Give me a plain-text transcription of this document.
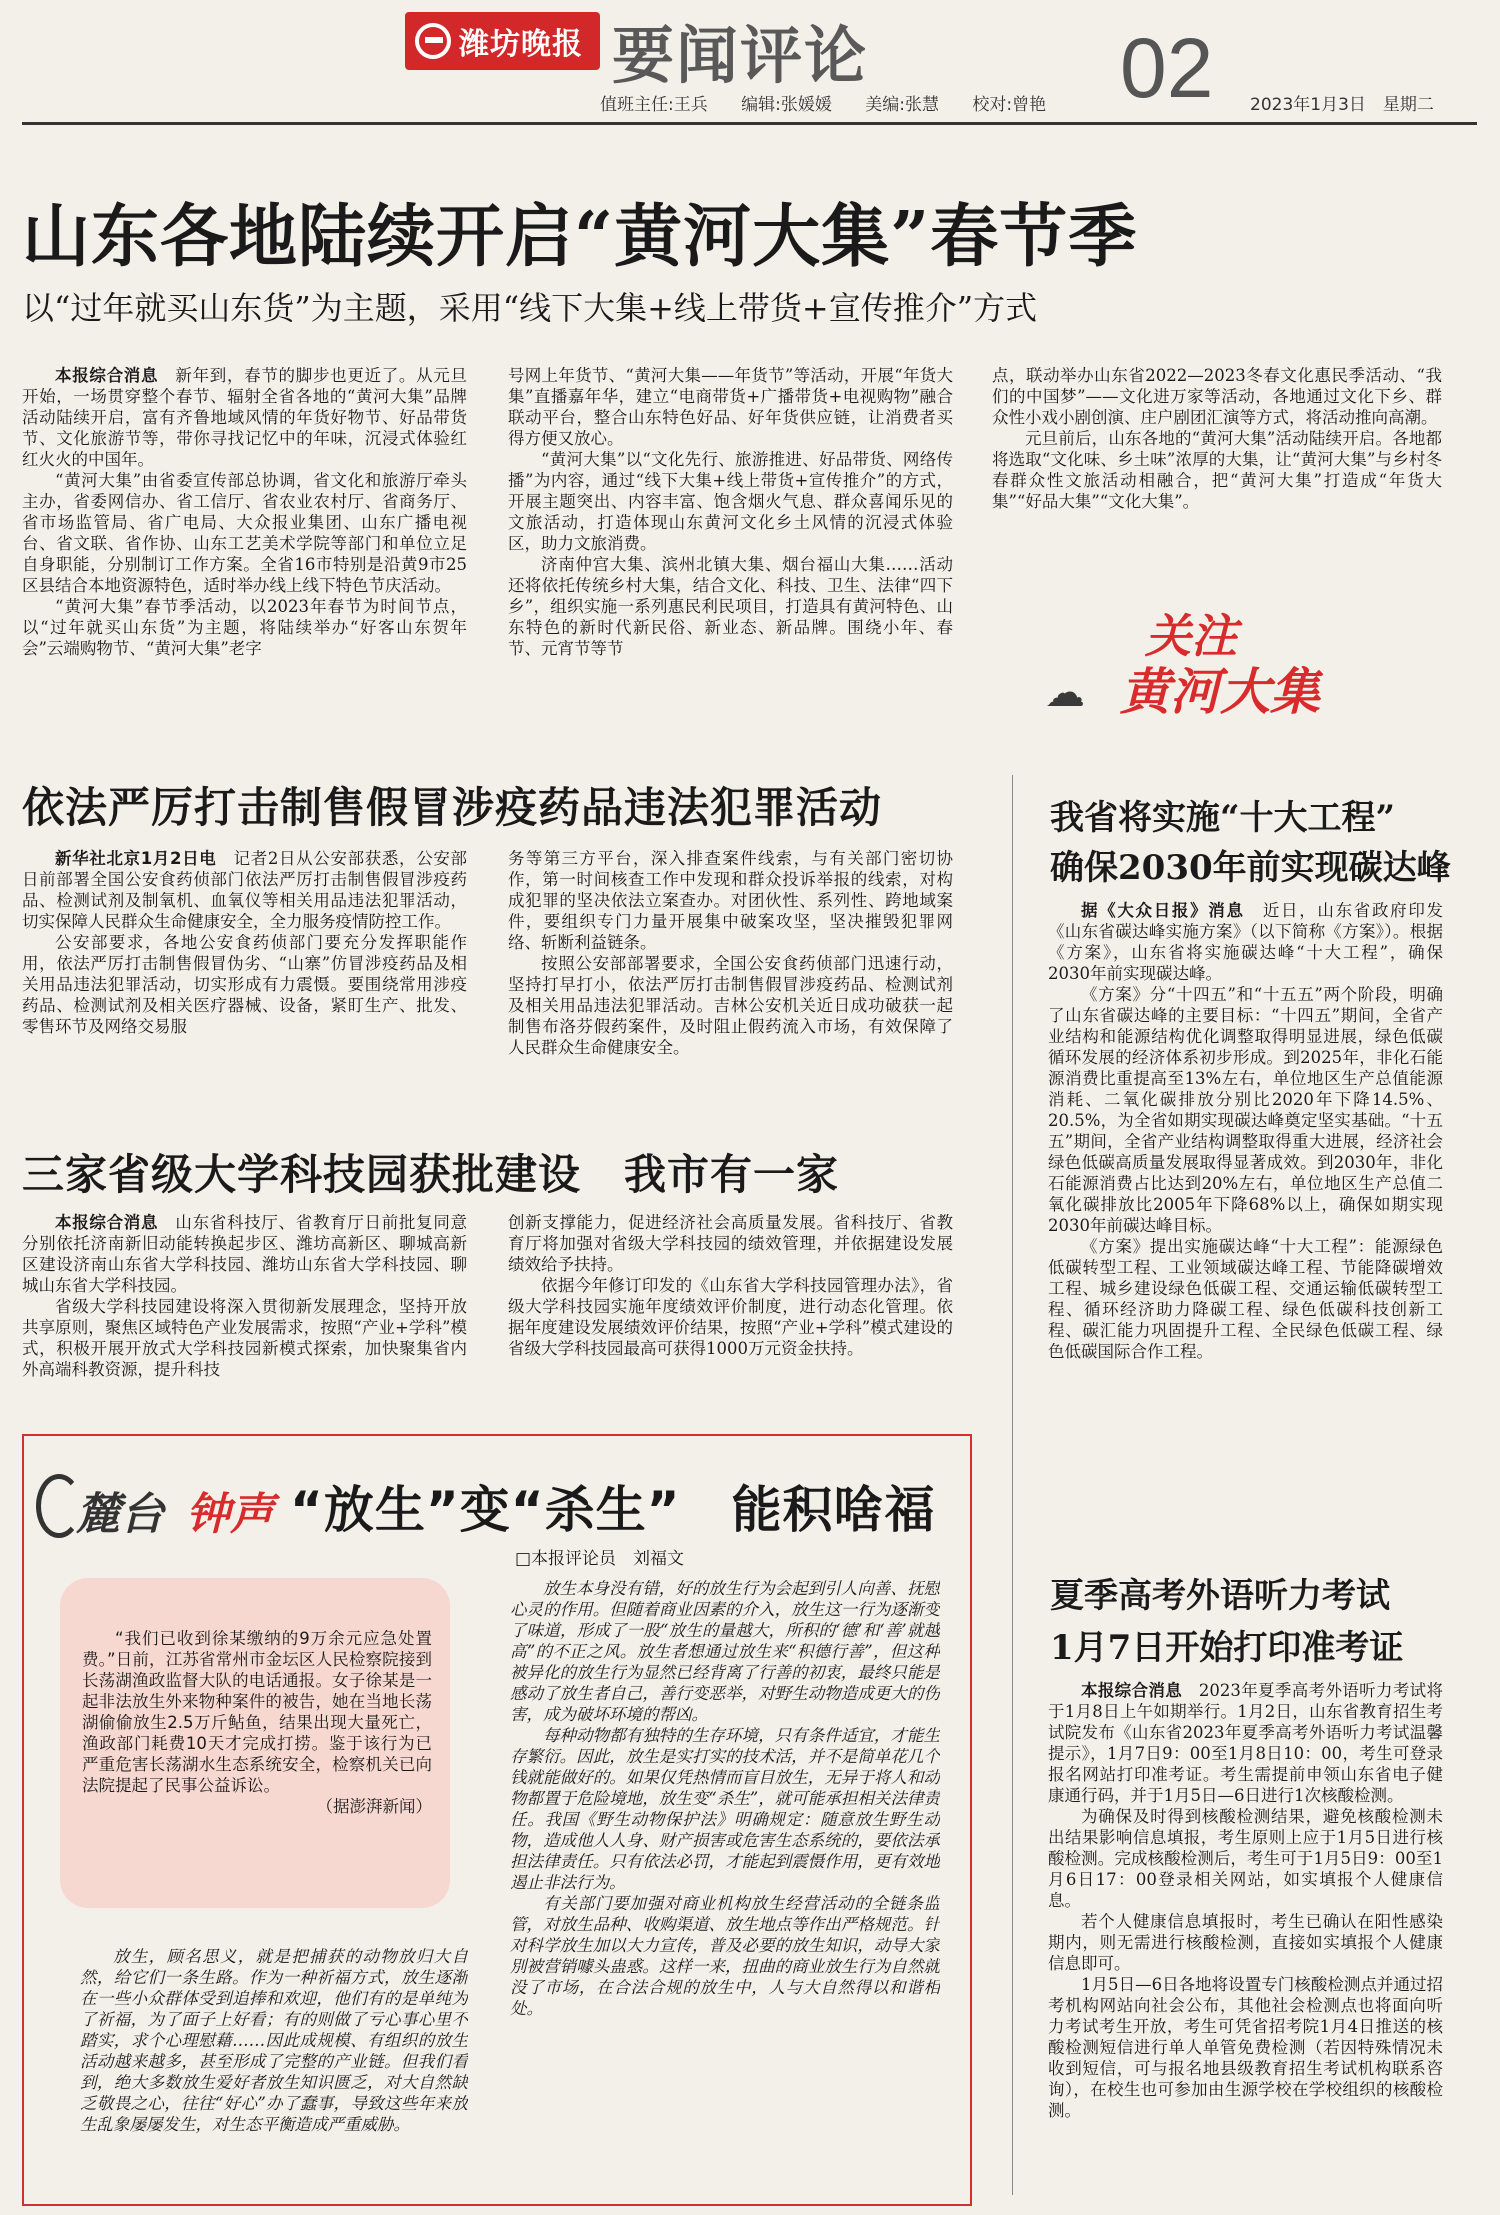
潍坊晚报 要闻评论	02
值班主任:王兵 编辑:张媛媛 美编:张慧 校对:曾艳	2023年1月3日　星期二
山东各地陆续开启“黄河大集”春节季
以“过年就买山东货”为主题，采用“线下大集+线上带货+宣传推介”方式

本报综合消息　新年到，春节的脚步也更近了。从元旦开始，一场贯穿整个春节、辐射全省各地的“黄河大集”品牌活动陆续开启，富有齐鲁地域风情的年货好物节、好品带货节、文化旅游节等，带你寻找记忆中的年味，沉浸式体验红红火火的中国年。

“黄河大集”由省委宣传部总协调，省文化和旅游厅牵头主办，省委网信办、省工信厅、省农业农村厅、省商务厅、省市场监管局、省广电局、大众报业集团、山东广播电视台、省文联、省作协、山东工艺美术学院等部门和单位立足自身职能，分别制订工作方案。全省16市特别是沿黄9市25区县结合本地资源特色，适时举办线上线下特色节庆活动。

“黄河大集”春节季活动，以2023年春节为时间节点，以“过年就买山东货”为主题，将陆续举办“好客山东贺年会”云端购物节、“黄河大集”老字

号网上年货节、“黄河大集——年货节”等活动，开展“年货大集”直播嘉年华，建立“电商带货+广播带货+电视购物”融合联动平台，整合山东特色好品、好年货供应链，让消费者买得方便又放心。

“黄河大集”以“文化先行、旅游推进、好品带货、网络传播”为内容，通过“线下大集+线上带货+宣传推介”的方式，开展主题突出、内容丰富、饱含烟火气息、群众喜闻乐见的文旅活动，打造体现山东黄河文化乡土风情的沉浸式体验区，助力文旅消费。

济南仲宫大集、滨州北镇大集、烟台福山大集……活动还将依托传统乡村大集，结合文化、科技、卫生、法律“四下乡”，组织实施一系列惠民利民项目，打造具有黄河特色、山东特色的新时代新民俗、新业态、新品牌。围绕小年、春节、元宵节等节

点，联动举办山东省2022—2023冬春文化惠民季活动、“我们的中国梦”——文化进万家等活动，各地通过文化下乡、群众性小戏小剧创演、庄户剧团汇演等方式，将活动推向高潮。

元旦前后，山东各地的“黄河大集”活动陆续开启。各地都将选取“文化味、乡土味”浓厚的大集，让“黄河大集”与乡村冬春群众性文旅活动相融合，把“黄河大集”打造成“年货大集”“好品大集”“文化大集”。

关注
☁ 黄河大集
依法严厉打击制售假冒涉疫药品违法犯罪活动

新华社北京1月2日电　记者2日从公安部获悉，公安部日前部署全国公安食药侦部门依法严厉打击制售假冒涉疫药品、检测试剂及制氧机、血氧仪等相关用品违法犯罪活动，切实保障人民群众生命健康安全，全力服务疫情防控工作。

公安部要求，各地公安食药侦部门要充分发挥职能作用，依法严厉打击制售假冒伪劣、“山寨”仿冒涉疫药品及相关用品违法犯罪活动，切实形成有力震慑。要围绕常用涉疫药品、检测试剂及相关医疗器械、设备，紧盯生产、批发、零售环节及网络交易服

务等第三方平台，深入排查案件线索，与有关部门密切协作，第一时间核查工作中发现和群众投诉举报的线索，对构成犯罪的坚决依法立案查办。对团伙性、系列性、跨地域案件，要组织专门力量开展集中破案攻坚，坚决摧毁犯罪网络、斩断利益链条。

按照公安部部署要求，全国公安食药侦部门迅速行动，坚持打早打小，依法严厉打击制售假冒涉疫药品、检测试剂及相关用品违法犯罪活动。吉林公安机关近日成功破获一起制售布洛芬假药案件，及时阻止假药流入市场，有效保障了人民群众生命健康安全。

三家省级大学科技园获批建设　我市有一家

本报综合消息　山东省科技厅、省教育厅日前批复同意分别依托济南新旧动能转换起步区、潍坊高新区、聊城高新区建设济南山东省大学科技园、潍坊山东省大学科技园、聊城山东省大学科技园。

省级大学科技园建设将深入贯彻新发展理念，坚持开放共享原则，聚焦区域特色产业发展需求，按照“产业+学科”模式，积极开展开放式大学科技园新模式探索，加快聚集省内外高端科教资源，提升科技

创新支撑能力，促进经济社会高质量发展。省科技厅、省教育厅将加强对省级大学科技园的绩效管理，并依据建设发展绩效给予扶持。

依据今年修订印发的《山东省大学科技园管理办法》，省级大学科技园实施年度绩效评价制度，进行动态化管理。依据年度建设发展绩效评价结果，按照“产业+学科”模式建设的省级大学科技园最高可获得1000万元资金扶持。

麓台 钟声 “放生”变“杀生”　能积啥福
□本报评论员　刘福文

“我们已收到徐某缴纳的9万余元应急处置费。”日前，江苏省常州市金坛区人民检察院接到长荡湖渔政监督大队的电话通报。女子徐某是一起非法放生外来物种案件的被告，她在当地长荡湖偷偷放生2.5万斤鲇鱼，结果出现大量死亡，渔政部门耗费10天才完成打捞。鉴于该行为已严重危害长荡湖水生态系统安全，检察机关已向法院提起了民事公益诉讼。

（据澎湃新闻）

放生，顾名思义，就是把捕获的动物放归大自然，给它们一条生路。作为一种祈福方式，放生逐渐在一些小众群体受到追捧和欢迎，他们有的是单纯为了祈福，为了面子上好看；有的则做了亏心事心里不踏实，求个心理慰藉……因此成规模、有组织的放生活动越来越多，甚至形成了完整的产业链。但我们看到，绝大多数放生爱好者放生知识匮乏，对大自然缺乏敬畏之心，往往“好心”办了蠢事，导致这些年来放生乱象屡屡发生，对生态平衡造成严重威胁。

放生本身没有错，好的放生行为会起到引人向善、抚慰心灵的作用。但随着商业因素的介入，放生这一行为逐渐变了味道，形成了一股“放生的量越大，所积的‘德’和‘善’就越高”的不正之风。放生者想通过放生来“积德行善”，但这种被异化的放生行为显然已经背离了行善的初衷，最终只能是感动了放生者自己，善行变恶举，对野生动物造成更大的伤害，成为破坏环境的帮凶。

每种动物都有独特的生存环境，只有条件适宜，才能生存繁衍。因此，放生是实打实的技术活，并不是简单花几个钱就能做好的。如果仅凭热情而盲目放生，无异于将人和动物都置于危险境地，放生变“杀生”，就可能承担相关法律责任。我国《野生动物保护法》明确规定：随意放生野生动物，造成他人人身、财产损害或危害生态系统的，要依法承担法律责任。只有依法必罚，才能起到震慑作用，更有效地遏止非法行为。

有关部门要加强对商业机构放生经营活动的全链条监管，对放生品种、收购渠道、放生地点等作出严格规范。针对科学放生加以大力宣传，普及必要的放生知识，动导大家別被营销噱头蛊惑。这样一来，扭曲的商业放生行为自然就没了市场，在合法合规的放生中，人与大自然得以和谐相处。

我省将实施“十大工程”
确保2030年前实现碳达峰

据《大众日报》消息　近日，山东省政府印发《山东省碳达峰实施方案》（以下简称《方案》）。根据《方案》，山东省将实施碳达峰“十大工程”，确保2030年前实现碳达峰。

《方案》分“十四五”和“十五五”两个阶段，明确了山东省碳达峰的主要目标：“十四五”期间，全省产业结构和能源结构优化调整取得明显进展，绿色低碳循环发展的经济体系初步形成。到2025年，非化石能源消费比重提高至13%左右，单位地区生产总值能源消耗、二氧化碳排放分别比2020年下降14.5%、20.5%，为全省如期实现碳达峰奠定坚实基础。“十五五”期间，全省产业结构调整取得重大进展，经济社会绿色低碳高质量发展取得显著成效。到2030年，非化石能源消费占比达到20%左右，单位地区生产总值二氧化碳排放比2005年下降68%以上，确保如期实现2030年前碳达峰目标。

《方案》提出实施碳达峰“十大工程”：能源绿色低碳转型工程、工业领域碳达峰工程、节能降碳增效工程、城乡建设绿色低碳工程、交通运输低碳转型工程、循环经济助力降碳工程、绿色低碳科技创新工程、碳汇能力巩固提升工程、全民绿色低碳工程、绿色低碳国际合作工程。

夏季高考外语听力考试
1月7日开始打印准考证

本报综合消息　2023年夏季高考外语听力考试将于1月8日上午如期举行。1月2日，山东省教育招生考试院发布《山东省2023年夏季高考外语听力考试温馨提示》，1月7日9：00至1月8日10：00，考生可登录报名网站打印准考证。考生需提前申领山东省电子健康通行码，并于1月5日—6日进行1次核酸检测。

为确保及时得到核酸检测结果，避免核酸检测未出结果影响信息填报，考生原则上应于1月5日进行核酸检测。完成核酸检测后，考生可于1月5日9：00至1月6日17：00登录相关网站，如实填报个人健康信息。

若个人健康信息填报时，考生已确认在阳性感染期内，则无需进行核酸检测，直接如实填报个人健康信息即可。

1月5日—6日各地将设置专门核酸检测点并通过招考机构网站向社会公布，其他社会检测点也将面向听力考试考生开放，考生可凭省招考院1月4日推送的核酸检测短信进行单人单管免费检测（若因特殊情况未收到短信，可与报名地县级教育招生考试机构联系咨询），在校生也可参加由生源学校在学校组织的核酸检测。
